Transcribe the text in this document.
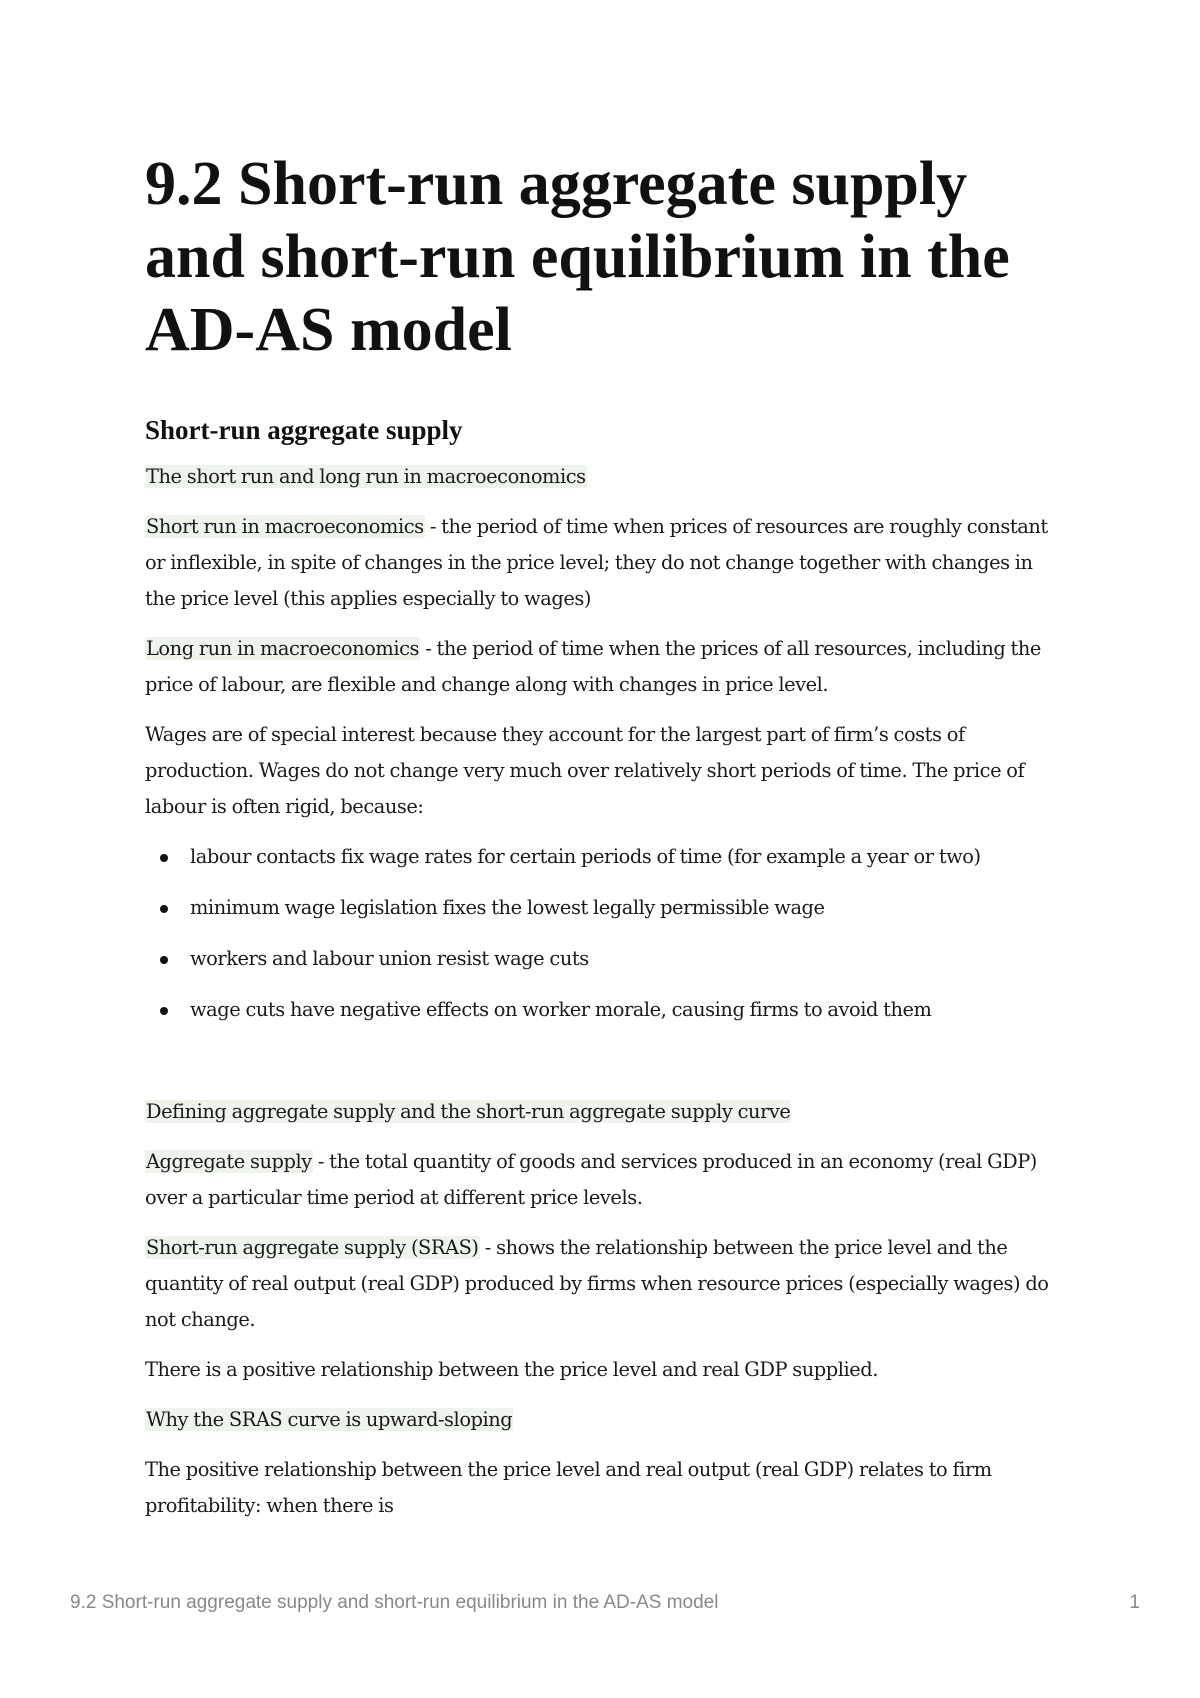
9.2 Short-run aggregate supply and short-run equilibrium in the AD-AS model
Short-run aggregate supply

The short run and long run in macroeconomics

Short run in macroeconomics - the period of time when prices of resources are roughly constant or inflexible, in spite of changes in the price level; they do not change together with changes in the price level (this applies especially to wages)

Long run in macroeconomics - the period of time when the prices of all resources, including the price of labour, are flexible and change along with changes in price level.

Wages are of special interest because they account for the largest part of firm’s costs of production. Wages do not change very much over relatively short periods of time. The price of labour is often rigid, because:

labour contacts fix wage rates for certain periods of time (for example a year or two)
minimum wage legislation fixes the lowest legally permissible wage
workers and labour union resist wage cuts
wage cuts have negative effects on worker morale, causing firms to avoid them

Defining aggregate supply and the short-run aggregate supply curve

Aggregate supply - the total quantity of goods and services produced in an economy (real GDP) over a particular time period at different price levels.

Short-run aggregate supply (SRAS) - shows the relationship between the price level and the quantity of real output (real GDP) produced by firms when resource prices (especially wages) do not change.

There is a positive relationship between the price level and real GDP supplied.

Why the SRAS curve is upward-sloping

The positive relationship between the price level and real output (real GDP) relates to firm profitability: when there is

9.2 Short-run aggregate supply and short-run equilibrium in the AD-AS model	1
